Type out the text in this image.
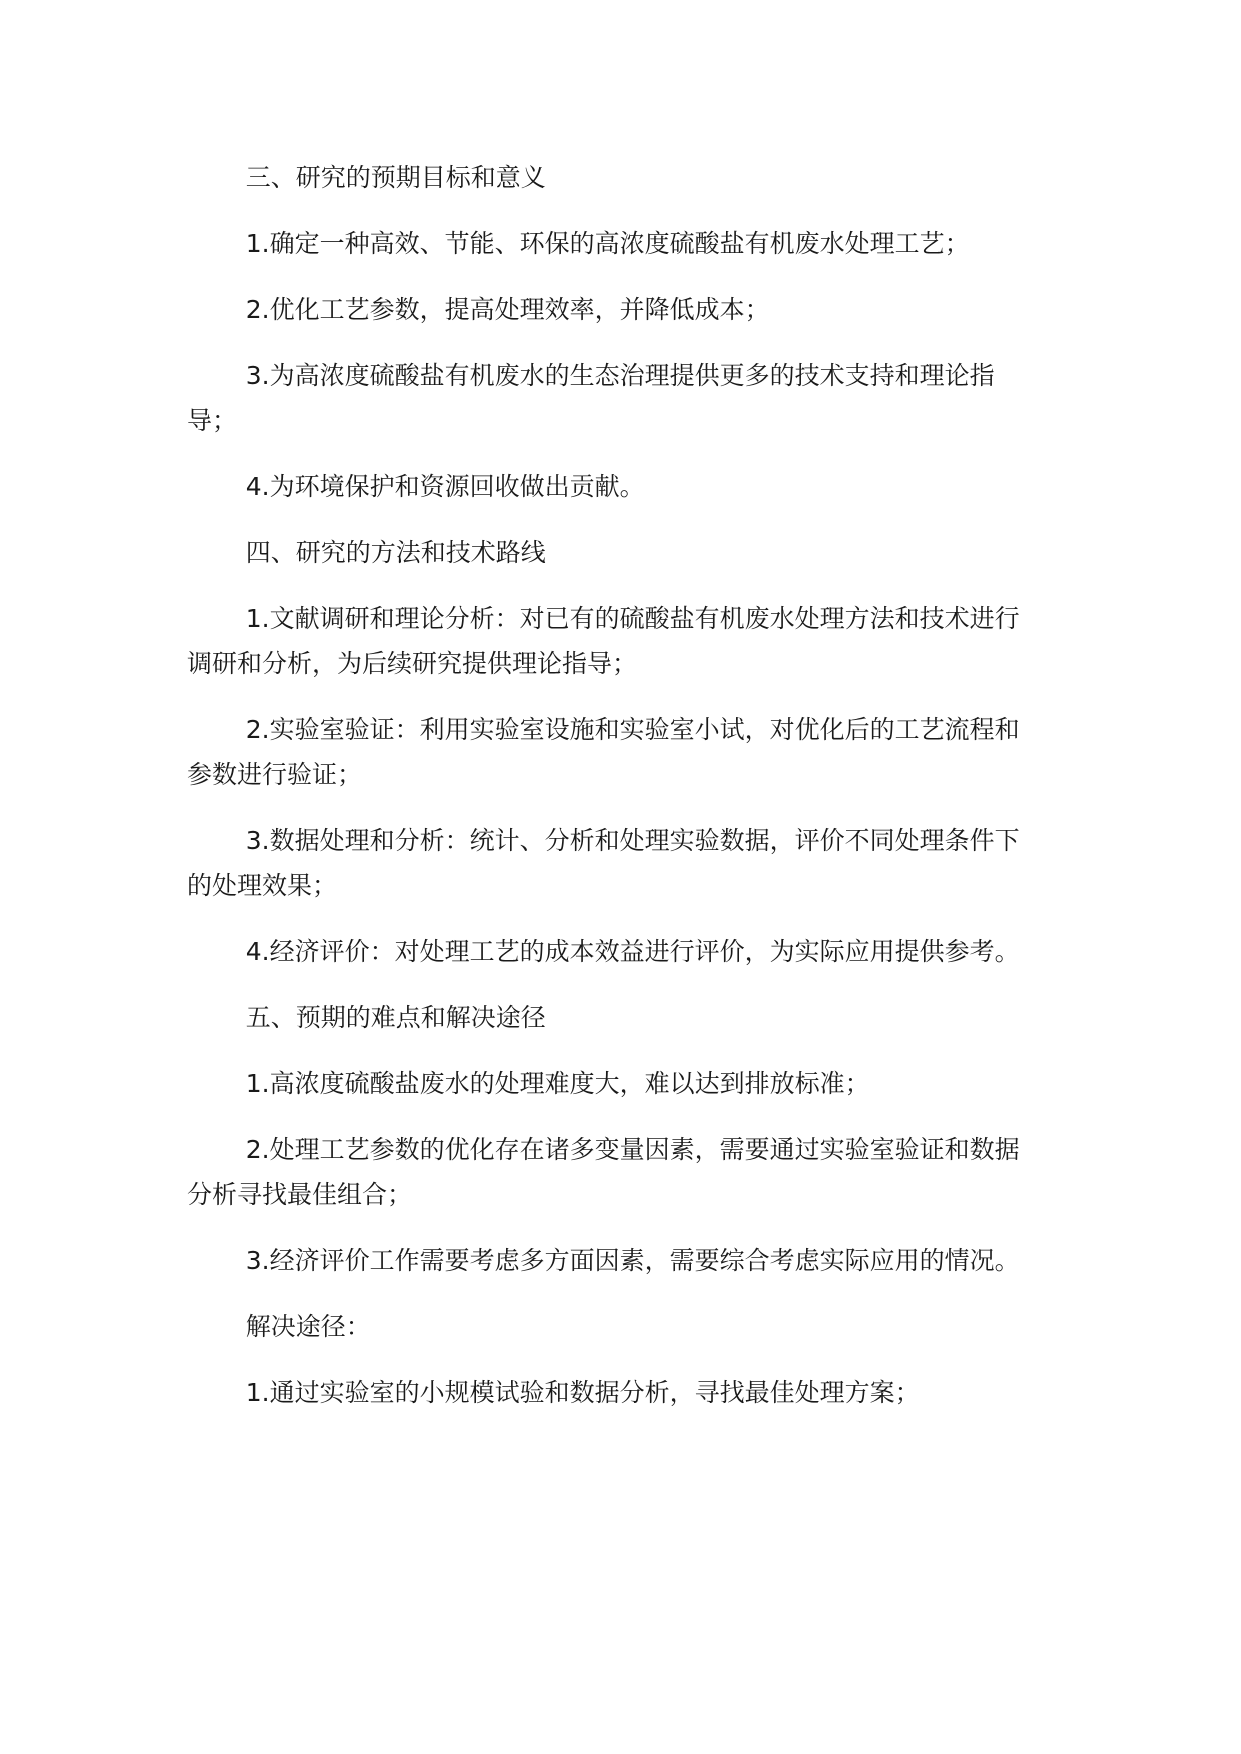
三、研究的预期目标和意义

1.确定一种高效、节能、环保的高浓度硫酸盐有机废水处理工艺；

2.优化工艺参数，提高处理效率，并降低成本；

3.为高浓度硫酸盐有机废水的生态治理提供更多的技术支持和理论指导；

4.为环境保护和资源回收做出贡献。

四、研究的方法和技术路线

1.文献调研和理论分析：对已有的硫酸盐有机废水处理方法和技术进行调研和分析，为后续研究提供理论指导；

2.实验室验证：利用实验室设施和实验室小试，对优化后的工艺流程和参数进行验证；

3.数据处理和分析：统计、分析和处理实验数据，评价不同处理条件下的处理效果；

4.经济评价：对处理工艺的成本效益进行评价，为实际应用提供参考。

五、预期的难点和解决途径

1.高浓度硫酸盐废水的处理难度大，难以达到排放标准；

2.处理工艺参数的优化存在诸多变量因素，需要通过实验室验证和数据分析寻找最佳组合；

3.经济评价工作需要考虑多方面因素，需要综合考虑实际应用的情况。

解决途径：

1.通过实验室的小规模试验和数据分析，寻找最佳处理方案；
